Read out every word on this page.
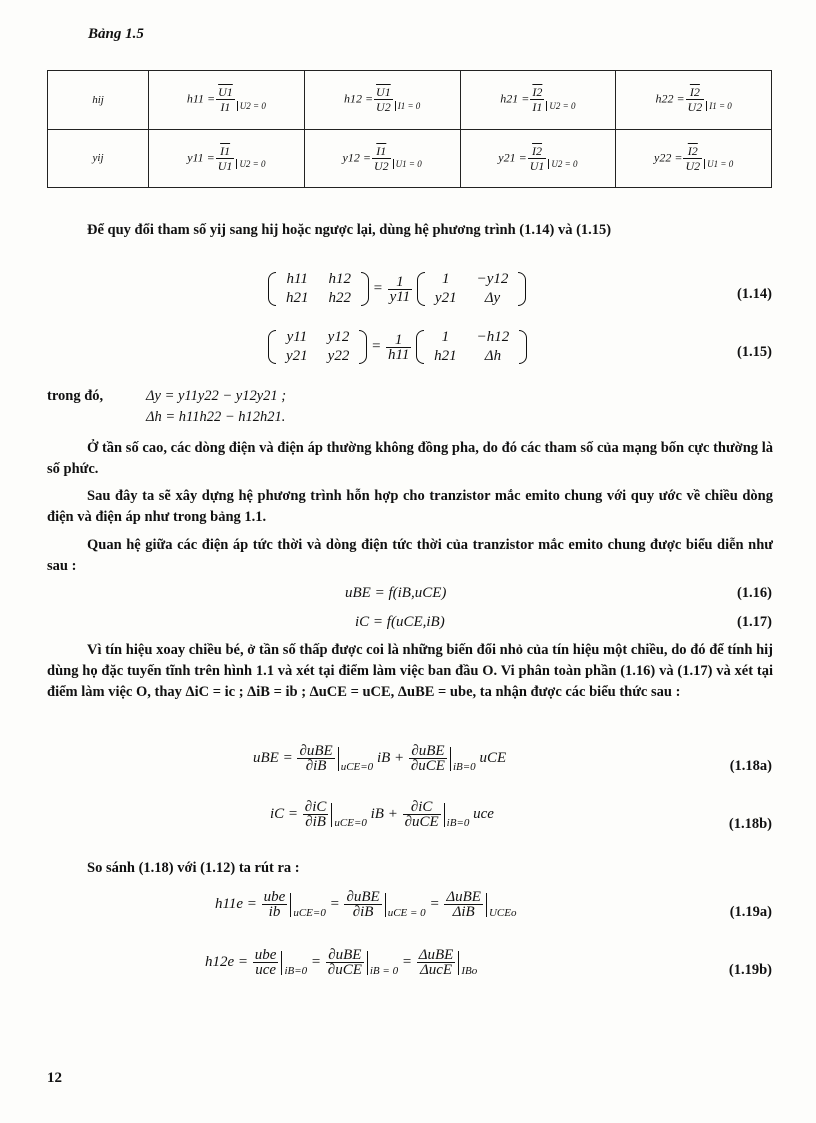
Bảng 1.5
hij	$h11 = \frac{U1}{I1} _{U2 = 0}$	$h12 = \frac{U1}{U2} _{I1 = 0}$	$h21 = \frac{I2}{I1} _{U2 = 0}$	$h22 = \frac{I2}{U2} _{I1 = 0}$
yij	$y11 = \frac{I1}{U1} _{U2 = 0}$	$y12 = \frac{I1}{U2} _{U1 = 0}$	$y21 = \frac{I2}{U1} _{U2 = 0}$	$y22 = \frac{I2}{U2} _{U1 = 0}$

Để quy đổi tham số yij sang hij hoặc ngược lại, dùng hệ phương trình (1.14) và (1.15)

h11	h12
h21	h22
= $\frac{1}{y11}$
1	−y12
y21	Δy	(1.14)
y11	y12
y21	y22
= $\frac{1}{h11}$
1	−h12
h21	Δh	(1.15)
trong đó,	Δy = y11y22 − y12y21 ;
Δh = h11h22 − h12h21.

Ở tần số cao, các dòng điện và điện áp thường không đồng pha, do đó các tham số của mạng bốn cực thường là số phức.

Sau đây ta sẽ xây dựng hệ phương trình hỗn hợp cho tranzistor mắc emito chung với quy ước về chiều dòng điện và điện áp như trong bảng 1.1.

Quan hệ giữa các điện áp tức thời và dòng điện tức thời của tranzistor mắc emito chung được biểu diễn như sau :

uBE = f(iB,uCE)	(1.16)
iC = f(uCE,iB)	(1.17)

Vì tín hiệu xoay chiều bé, ở tần số thấp được coi là những biến đổi nhỏ của tín hiệu một chiều, do đó để tính hij dùng họ đặc tuyến tĩnh trên hình 1.1 và xét tại điểm làm việc ban đầu O. Vi phân toàn phần (1.16) và (1.17) và xét tại điểm làm việc O, thay ΔiC = ic ; ΔiB = ib ; ΔuCE = uCE, ΔuBE = ube, ta nhận được các biểu thức sau :

uBE = $\frac{\text{∂uBE}}{\partial iB} _{uCE=0}$ iB + $\frac{\text{∂uBE}}{\text{∂uCE}} _{iB=0}$ uCE
(1.18a)
iC = $\frac{\partial iC}{\partial iB} _{uCE=0}$ iB + $\frac{\partial iC}{\text{∂uCE}} _{iB=0}$ uce
(1.18b)

So sánh (1.18) với (1.12) ta rút ra :

$h11e = \frac{\text{ube}}{ib} _{uCE=0} = \frac{\text{∂uBE}}{\partial iB} _{uCE = 0} = \frac{\text{ΔuBE}}{\text{ΔiB}} _{UCEo}$	(1.19a)
$h12e = \frac{\text{ube}}{\text{uce}} _{iB=0} = \frac{\text{∂uBE}}{\text{∂uCE}} _{iB = 0} = \frac{\text{ΔuBE}}{\text{ΔucE}} _{IBo}$	(1.19b)
12
